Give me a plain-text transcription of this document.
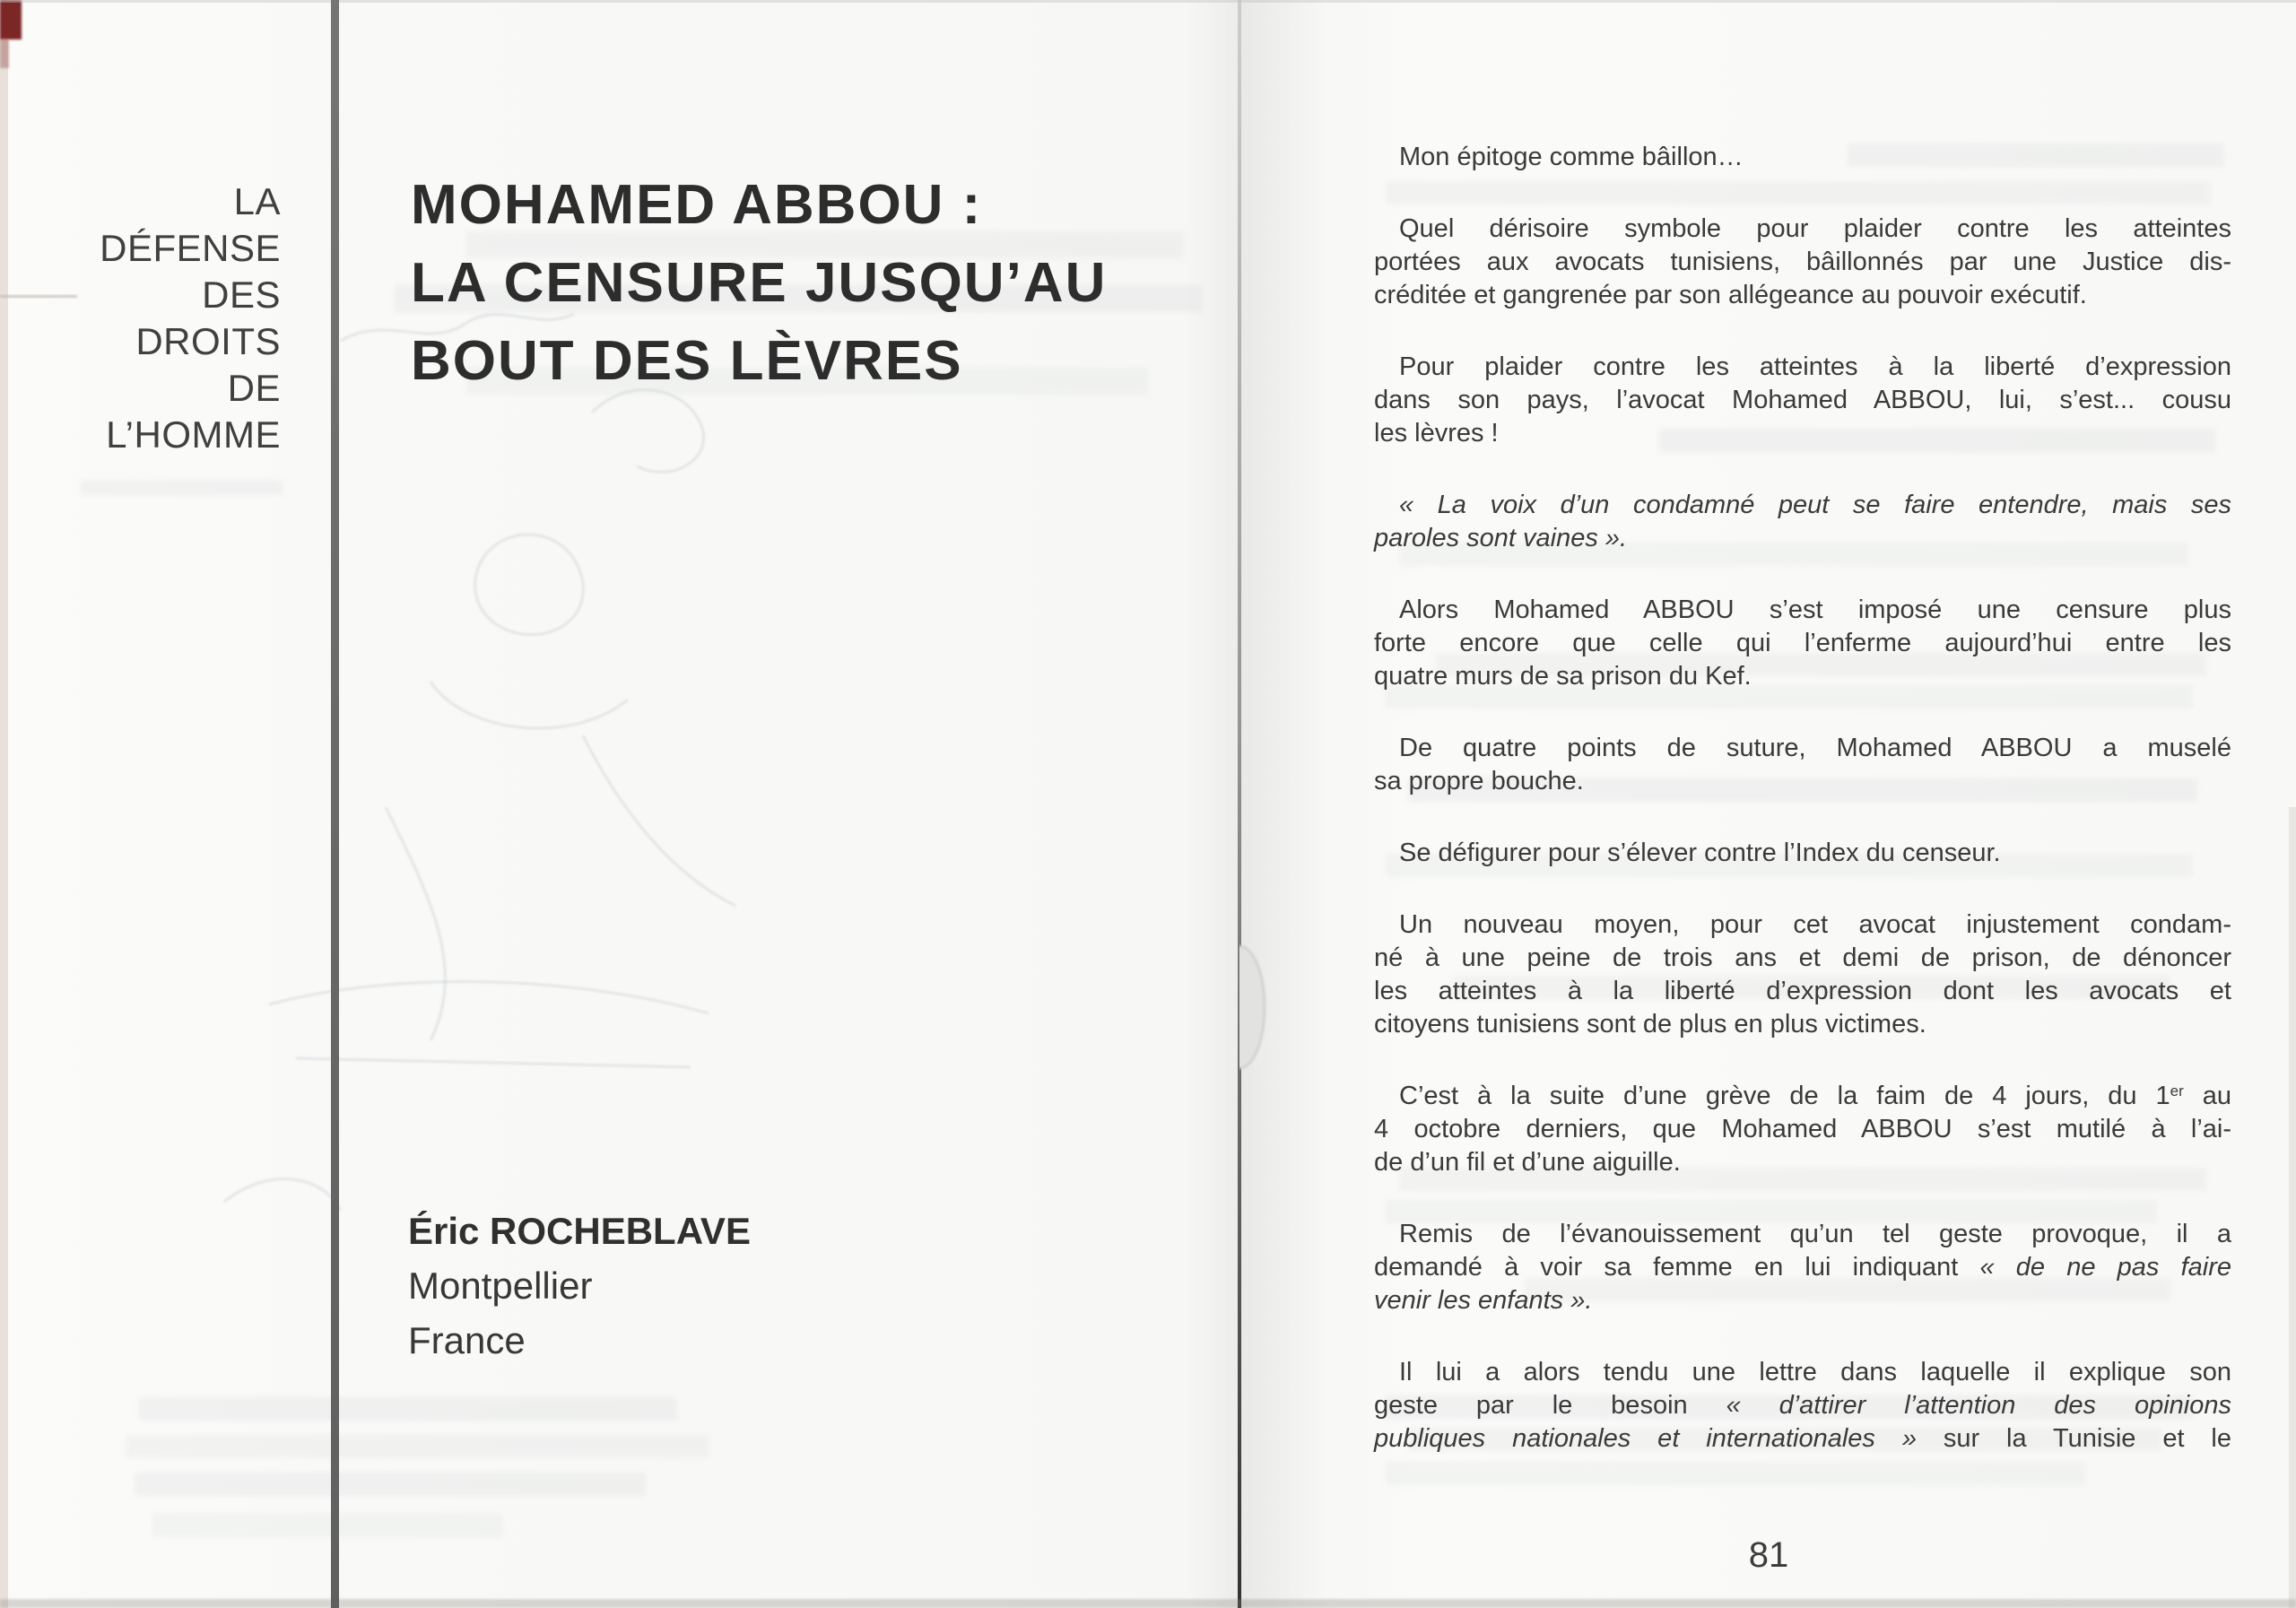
LA
DÉFENSE
DES
DROITS
DE
L’HOMME
MOHAMED ABBOU :
LA CENSURE JUSQU’AU
BOUT DES LÈVRES
Éric ROCHEBLAVE
Montpellier
France
Mon épitoge comme bâillon…
Quel dérisoire symbole pour plaider contre les atteintes
portées aux avocats tunisiens, bâillonnés par une Justice dis-
créditée et gangrenée par son allégeance au pouvoir exécutif.
Pour plaider contre les atteintes à la liberté d’expression
dans son pays, l’avocat Mohamed ABBOU, lui, s’est... cousu
les lèvres !
« La voix d’un condamné peut se faire entendre, mais ses
paroles sont vaines ».
Alors Mohamed ABBOU s’est imposé une censure plus
forte encore que celle qui l’enferme aujourd’hui entre les
quatre murs de sa prison du Kef.
De quatre points de suture, Mohamed ABBOU a muselé
sa propre bouche.
Se défigurer pour s’élever contre l’Index du censeur.
Un nouveau moyen, pour cet avocat injustement condam-
né à une peine de trois ans et demi de prison, de dénoncer
les atteintes à la liberté d’expression dont les avocats et
citoyens tunisiens sont de plus en plus victimes.
C’est à la suite d’une grève de la faim de 4 jours, du 1er au
4 octobre derniers, que Mohamed ABBOU s’est mutilé à l’ai-
de d’un fil et d’une aiguille.
Remis de l’évanouissement qu’un tel geste provoque, il a
demandé à voir sa femme en lui indiquant « de ne pas faire
venir les enfants ».
Il lui a alors tendu une lettre dans laquelle il explique son
geste par le besoin « d’attirer l’attention des opinions
publiques nationales et internationales » sur la Tunisie et le
81
